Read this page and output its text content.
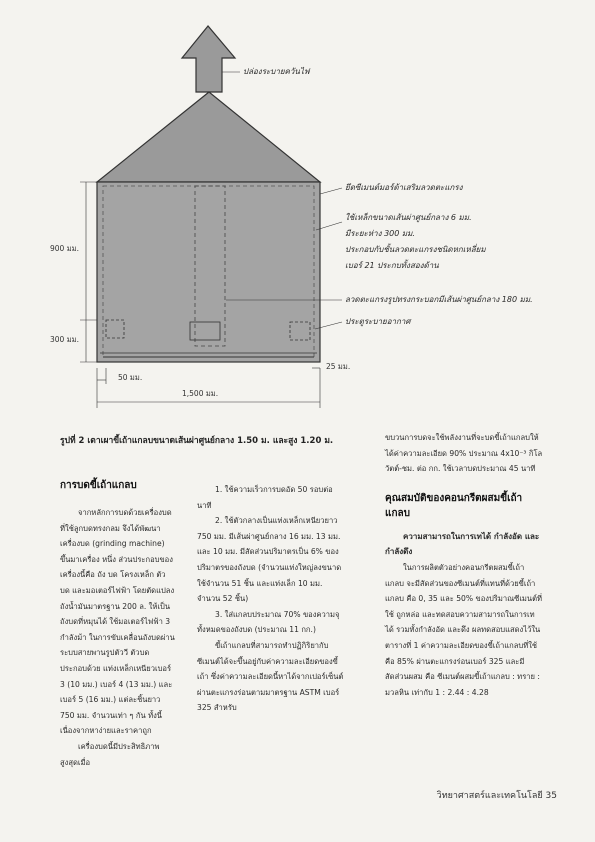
ปล่องระบายควันไฟ
ยึดซีเมนต์มอร์ต้าเสริมลวดตะแกรง
ใช้เหล็กขนาดเส้นผ่าศูนย์กลาง 6 มม.
มีระยะห่าง 300 มม.
ประกอบกับชั้นลวดตะแกรงชนิดหกเหลี่ยม
เบอร์ 21 ประกบทั้งสองด้าน
ลวดตะแกรงรูปทรงกระบอกมีเส้นผ่าศูนย์กลาง 180 มม.
ประตูระบายอากาศ
900 มม.
300 มม.
50 มม.
25 มม.
1,500 มม.
รูปที่ 2 เตาเผาขี้เถ้าแกลบขนาดเส้นผ่าศูนย์กลาง 1.50 ม. และสูง 1.20 ม.
การบดขี้เถ้าแกลบ

จากหลักการบดด้วยเครื่องบดที่ใช้ลูกบดทรงกลม จึงได้พัฒนาเครื่องบด (grinding machine) ขึ้นมาเครื่อง หนึ่ง ส่วนประกอบของเครื่องนี้คือ ถัง บด โครงเหล็ก ตัวบด และมอเตอร์ไฟฟ้า โดยตัดแปลงถังน้ำมันมาตรฐาน 200 ล. ให้เป็นถังบดที่หมุนได้ ใช้มอเตอร์ไฟฟ้า 3 กำลังม้า ในการขับเคลื่อนถังบดผ่านระบบสายพานรูปตัววี ตัวบดประกอบด้วย แท่งเหล็กเหนียวเบอร์ 3 (10 มม.) เบอร์ 4 (13 มม.) และเบอร์ 5 (16 มม.) แต่ละชิ้นยาว 750 มม. จำนวนเท่า ๆ กัน ทั้งนี้เนื่องจากหาง่ายและราคาถูก

เครื่องบดนี้มีประสิทธิภาพสูงสุดเมื่อ

1. ใช้ความเร็วการบดอัด 50 รอบต่อนาที

2. ใช้ตัวกลางเป็นแท่งเหล็กเหนียวยาว 750 มม. มีเส้นผ่าศูนย์กลาง 16 มม. 13 มม. และ 10 มม. มีสัดส่วนปริมาตรเป็น 6% ของปริมาตรของถังบด (จำนวนแท่งใหญ่ลงขนาด ใช้จำนวน 51 ชิ้น และแท่งเล็ก 10 มม. จำนวน 52 ชิ้น)

3. ใส่แกลบประมาณ 70% ของความจุทั้งหมดของถังบด (ประมาณ 11 กก.)

ขี้เถ้าแกลบที่สามารถทำปฏิกิริยากับซีเมนต์ได้จะขึ้นอยู่กับค่าความละเอียดของขี้เถ้า ซึ่งค่าความละเอียดนี้หาได้จากเปอร์เซ็นต์ผ่านตะแกรงร่อนตามมาตรฐาน ASTM เบอร์ 325 สำหรับ

ขบวนการบดจะใช้พลังงานที่จะบดขี้เถ้าแกลบให้ได้ค่าความละเอียด 90% ประมาณ 4x10⁻³ กิโลวัตต์-ชม. ต่อ กก. ใช้เวลาบดประมาณ 45 นาที

คุณสมบัติของคอนกรีตผสมขี้เถ้าแกลบ

ความสามารถในการเทได้ กำลังอัด และกำลังดึง

ในการผลิตตัวอย่างคอนกรีตผสมขี้เถ้าแกลบ จะมีสัดส่วนของซีเมนต์ที่แทนที่ด้วยขี้เถ้าแกลบ คือ 0, 35 และ 50% ของปริมาณซีเมนต์ที่ใช้ ถูกหล่อ และทดสอบความสามารถในการเทได้ รวมทั้งกำลังอัด และดึง ผลทดสอบแสดงไว้ในตารางที่ 1 ค่าความละเอียดของขี้เถ้าแกลบที่ใช้ คือ 85% ผ่านตะแกรงร่อนเบอร์ 325 และมีสัดส่วนผสม คือ ซีเมนต์ผสมขี้เถ้าแกลบ : ทราย : มวลหิน เท่ากับ 1 : 2.44 : 4.28

วิทยาศาสตร์และเทคโนโลยี 35
